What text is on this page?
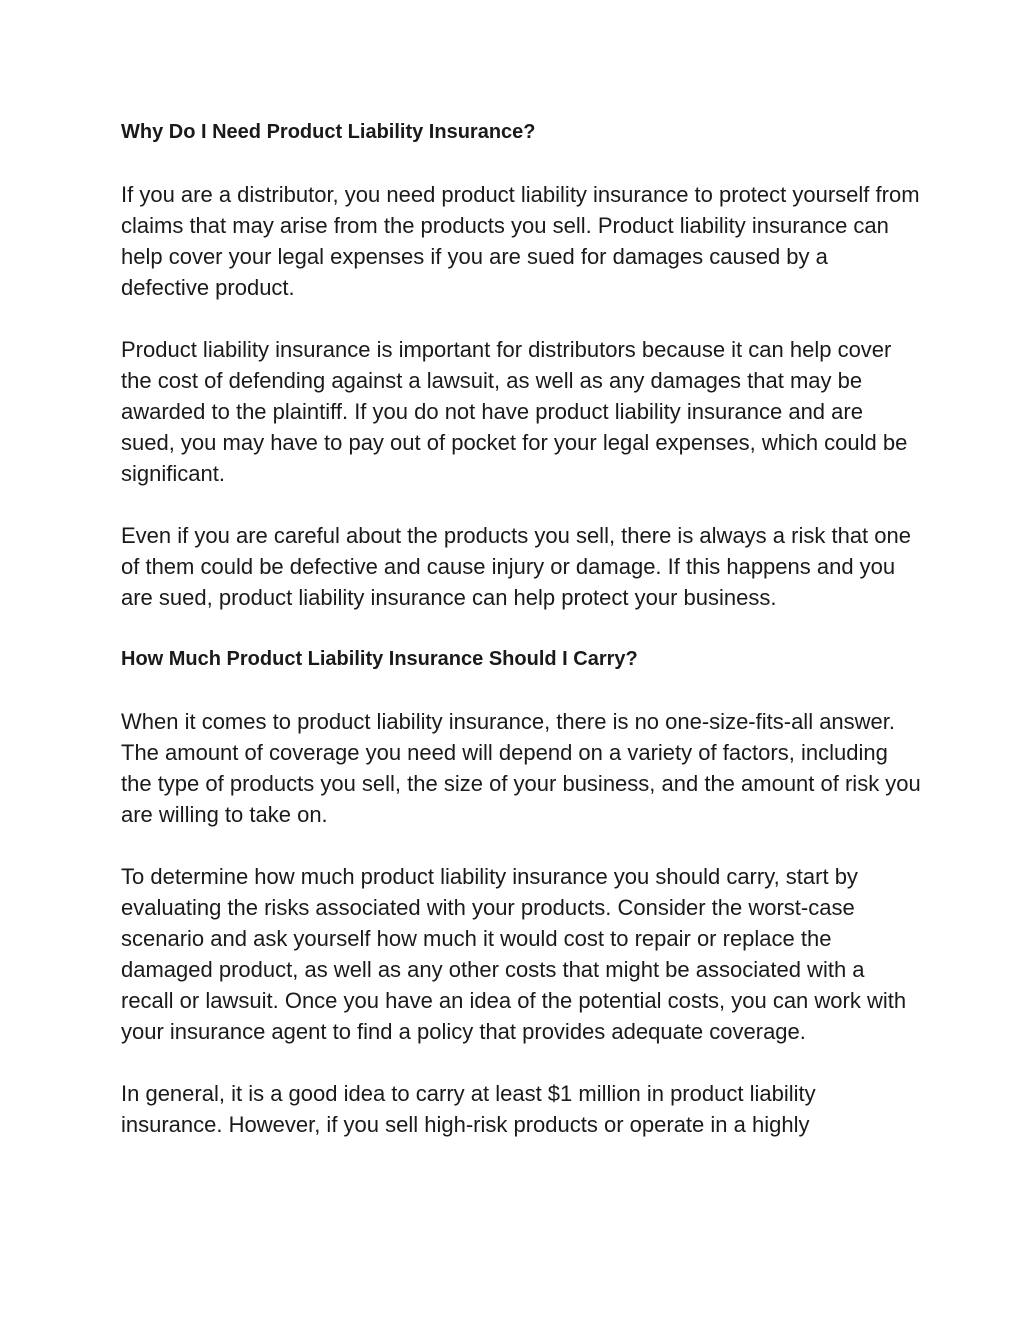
Why Do I Need Product Liability Insurance?

If you are a distributor, you need product liability insurance to protect yourself from claims that may arise from the products you sell. Product liability insurance can help cover your legal expenses if you are sued for damages caused by a defective product.

Product liability insurance is important for distributors because it can help cover the cost of defending against a lawsuit, as well as any damages that may be awarded to the plaintiff. If you do not have product liability insurance and are sued, you may have to pay out of pocket for your legal expenses, which could be significant.

Even if you are careful about the products you sell, there is always a risk that one of them could be defective and cause injury or damage. If this happens and you are sued, product liability insurance can help protect your business.

How Much Product Liability Insurance Should I Carry?

When it comes to product liability insurance, there is no one-size-fits-all answer. The amount of coverage you need will depend on a variety of factors, including the type of products you sell, the size of your business, and the amount of risk you are willing to take on.

To determine how much product liability insurance you should carry, start by evaluating the risks associated with your products. Consider the worst-case scenario and ask yourself how much it would cost to repair or replace the damaged product, as well as any other costs that might be associated with a recall or lawsuit. Once you have an idea of the potential costs, you can work with your insurance agent to find a policy that provides adequate coverage.

In general, it is a good idea to carry at least $1 million in product liability insurance. However, if you sell high-risk products or operate in a highly
